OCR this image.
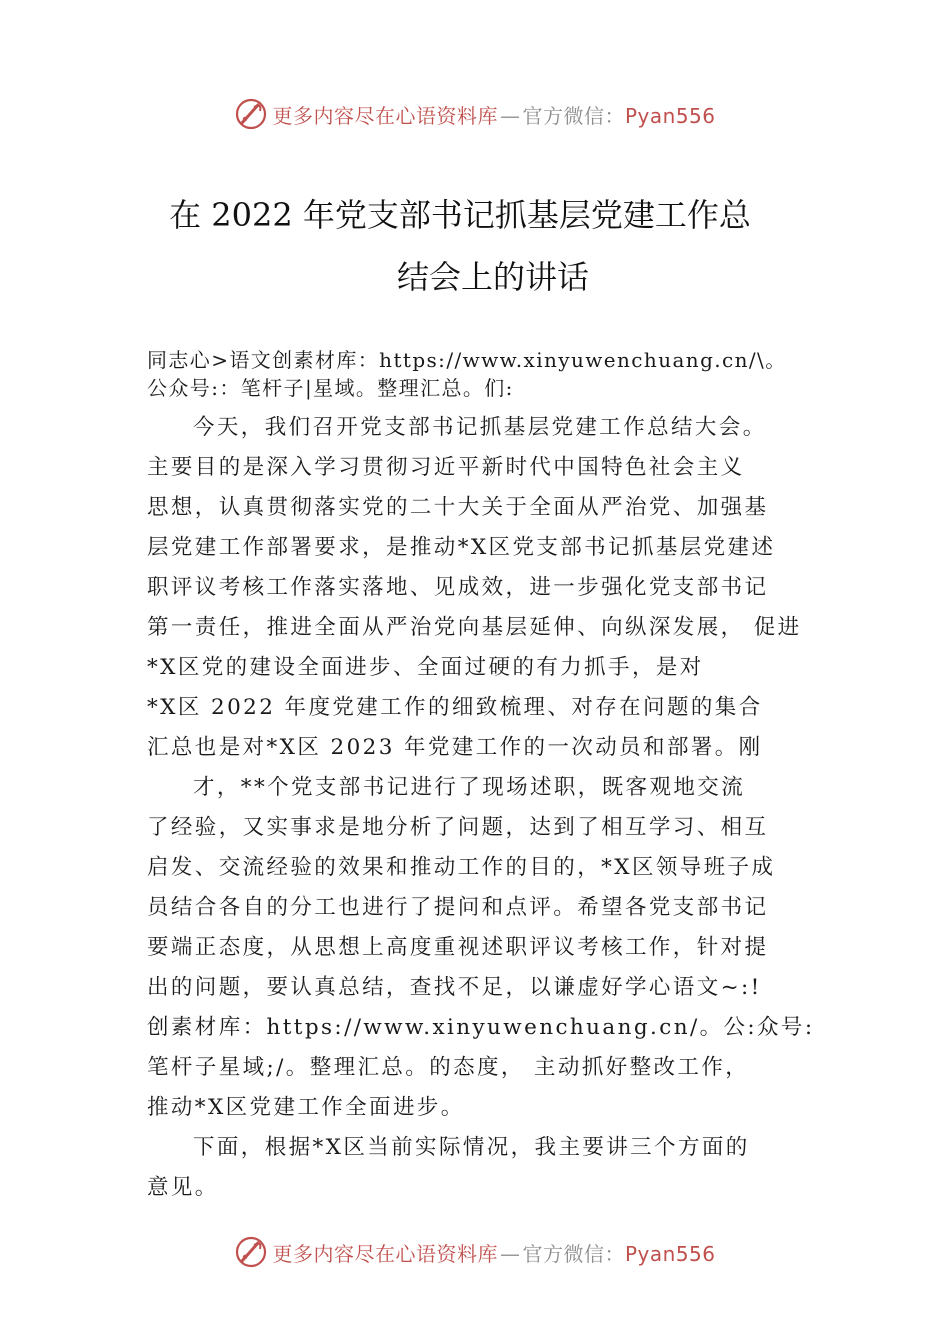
更多内容尽在心语资料库 — 官方微信：Pyan556
在 2022 年党支部书记抓基层党建工作总
结会上的讲话
同志心>语文创素材库：https://www.xinyuwenchuang.cn/\。
公众号:：笔杆子|星域。整理汇总。们:
今天，我们召开党支部书记抓基层党建工作总结大会。
主要目的是深入学习贯彻习近平新时代中国特色社会主义
思想，认真贯彻落实党的二十大关于全面从严治党、加强基
层党建工作部署要求，是推动*X区党支部书记抓基层党建述
职评议考核工作落实落地、见成效，进一步强化党支部书记
第一责任，推进全面从严治党向基层延伸、向纵深发展， 促进
*X区党的建设全面进步、全面过硬的有力抓手，是对
*X区 2022 年度党建工作的细致梳理、对存在问题的集合
汇总也是对*X区 2023 年党建工作的一次动员和部署。刚
才，**个党支部书记进行了现场述职，既客观地交流
了经验，又实事求是地分析了问题，达到了相互学习、相互
启发、交流经验的效果和推动工作的目的，*X区领导班子成
员结合各自的分工也进行了提问和点评。希望各党支部书记
要端正态度，从思想上高度重视述职评议考核工作，针对提
出的问题，要认真总结，查找不足，以谦虚好学心语文~:!
创素材库：https://www.xinyuwenchuang.cn/。公:众号:
笔杆子星域;/。整理汇总。的态度， 主动抓好整改工作，
推动*X区党建工作全面进步。
下面，根据*X区当前实际情况，我主要讲三个方面的
意见。
更多内容尽在心语资料库 — 官方微信：Pyan556
